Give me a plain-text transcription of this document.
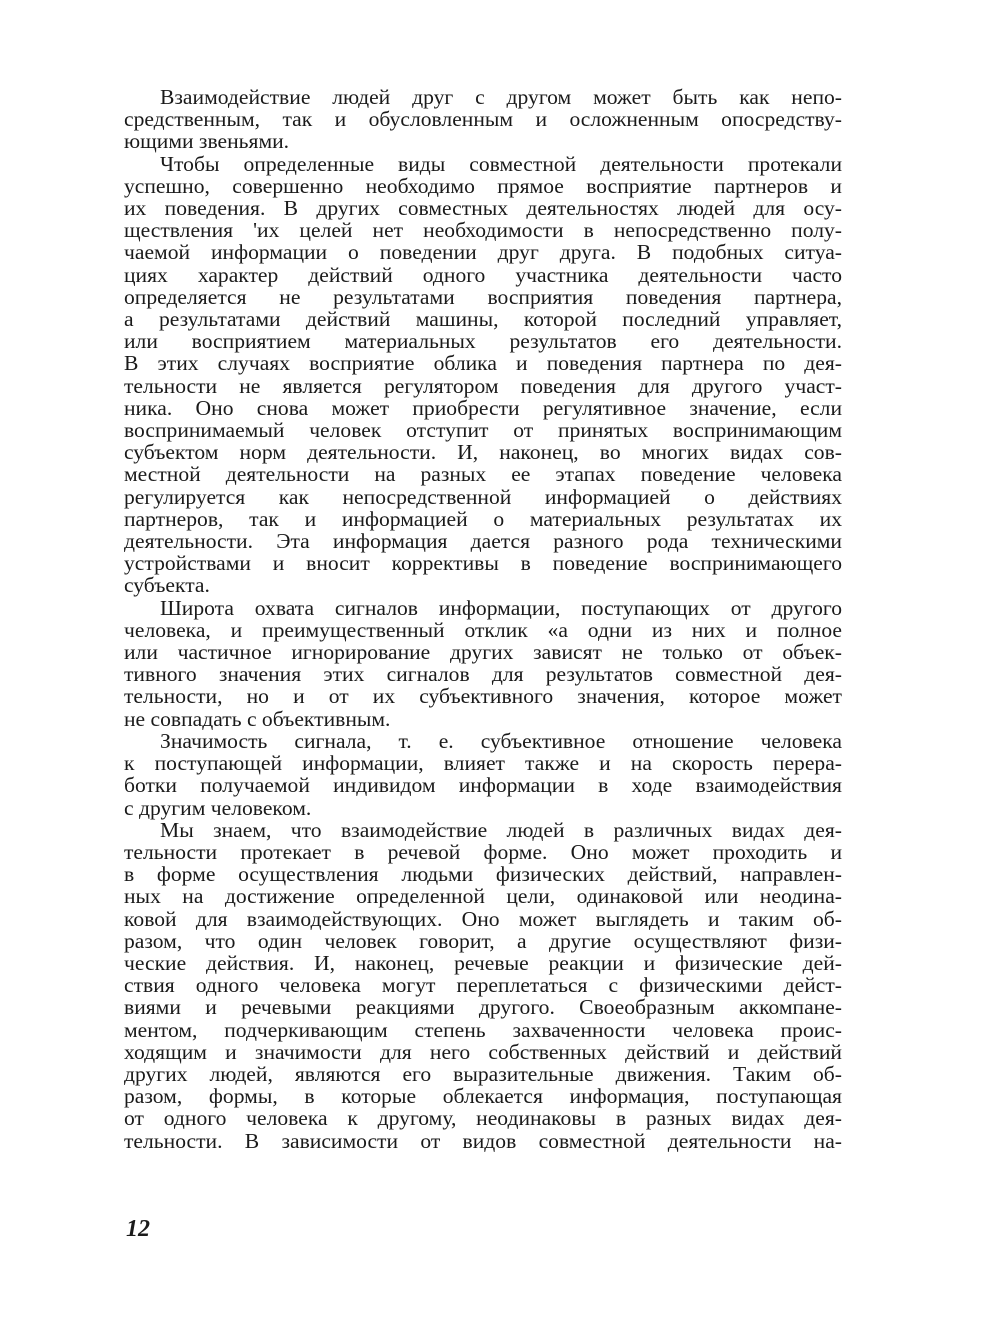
Взаимодействие людей друг с другом может быть как непо-
средственным, так и обусловленным и осложненным опосредству-
ющими звеньями.
Чтобы определенные виды совместной деятельности протекали
успешно, совершенно необходимо прямое восприятие партнеров и
их поведения. В других совместных деятельностях людей для осу-
ществления 'их целей нет необходимости в непосредственно полу-
чаемой информации о поведении друг друга. В подобных ситуа-
циях характер действий одного участника деятельности часто
определяется не результатами восприятия поведения партнера,
а результатами действий машины, которой последний управляет,
или восприятием материальных результатов его деятельности.
В этих случаях восприятие облика и поведения партнера по дея-
тельности не является регулятором поведения для другого участ-
ника. Оно снова может приобрести регулятивное значение, если
воспринимаемый человек отступит от принятых воспринимающим
субъектом норм деятельности. И, наконец, во многих видах сов-
местной деятельности на разных ее этапах поведение человека
регулируется как непосредственной информацией о действиях
партнеров, так и информацией о материальных результатах их
деятельности. Эта информация дается разного рода техническими
устройствами и вносит коррективы в поведение воспринимающего
субъекта.
Широта охвата сигналов информации, поступающих от другого
человека, и преимущественный отклик «а одни из них и полное
или частичное игнорирование других зависят не только от объек-
тивного значения этих сигналов для результатов совместной дея-
тельности, но и от их субъективного значения, которое может
не совпадать с объективным.
Значимость сигнала, т. е. субъективное отношение человека
к поступающей информации, влияет также и на скорость перера-
ботки получаемой индивидом информации в ходе взаимодействия
с другим человеком.
Мы знаем, что взаимодействие людей в различных видах дея-
тельности протекает в речевой форме. Оно может проходить и
в форме осуществления людьми физических действий, направлен-
ных на достижение определенной цели, одинаковой или неодина-
ковой для взаимодействующих. Оно может выглядеть и таким об-
разом, что один человек говорит, а другие осуществляют физи-
ческие действия. И, наконец, речевые реакции и физические дей-
ствия одного человека могут переплетаться с физическими дейст-
виями и речевыми реакциями другого. Своеобразным аккомпане-
ментом, подчеркивающим степень захваченности человека проис-
ходящим и значимости для него собственных действий и действий
других людей, являются его выразительные движения. Таким об-
разом, формы, в которые облекается информация, поступающая
от одного человека к другому, неодинаковы в разных видах дея-
тельности. В зависимости от видов совместной деятельности на-
12
